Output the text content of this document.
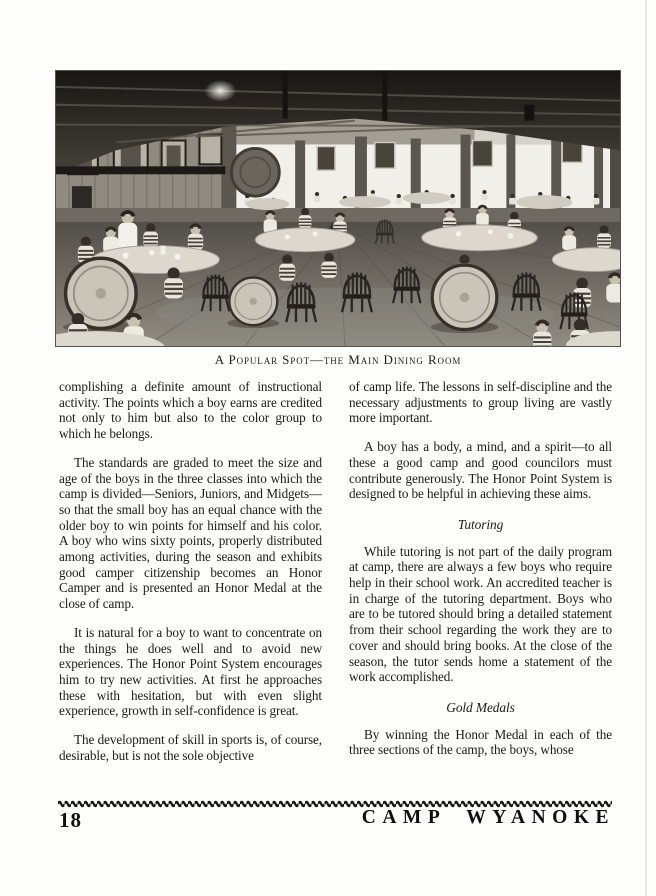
A Popular Spot—the Main Dining Room

complishing a definite amount of instructional activity. The points which a boy earns are credited not only to him but also to the color group to which he belongs.

The standards are graded to meet the size and age of the boys in the three classes into which the camp is divided—Seniors, Juniors, and Midgets—so that the small boy has an equal chance with the older boy to win points for himself and his color. A boy who wins sixty points, properly distributed among activities, during the season and exhibits good camper citizenship becomes an Honor Camper and is presented an Honor Medal at the close of camp.

It is natural for a boy to want to concentrate on the things he does well and to avoid new experiences. The Honor Point System encourages him to try new activities. At first he approaches these with hesitation, but with even slight experience, growth in self-confidence is great.

The development of skill in sports is, of course, desirable, but is not the sole objective

of camp life. The lessons in self-discipline and the necessary adjustments to group living are vastly more important.

A boy has a body, a mind, and a spirit—to all these a good camp and good councilors must contribute generously. The Honor Point System is designed to be helpful in achieving these aims.

Tutoring

While tutoring is not part of the daily program at camp, there are always a few boys who require help in their school work. An accredited teacher is in charge of the tutoring department. Boys who are to be tutored should bring a detailed statement from their school regarding the work they are to cover and should bring books. At the close of the season, the tutor sends home a statement of the work accomplished.

Gold Medals

By winning the Honor Medal in each of the three sections of the camp, the boys, whose

18	CAMP WYANOKE
